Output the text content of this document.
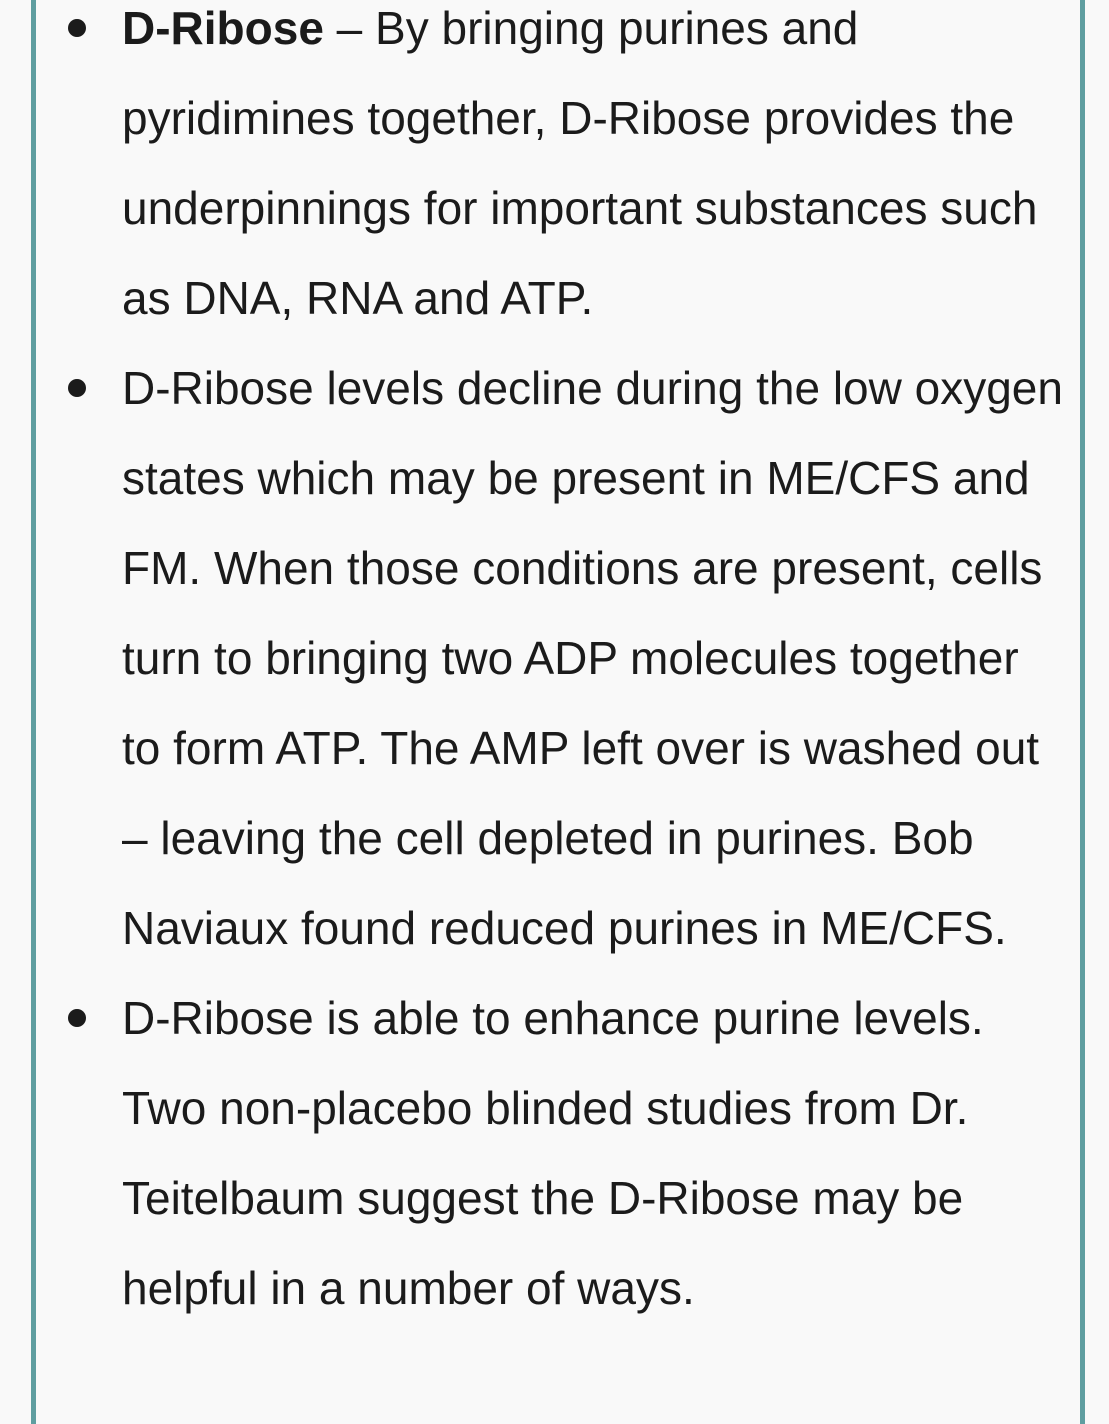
D-Ribose – By bringing purines and pyridimines together, D-Ribose provides the underpinnings for important substances such as DNA, RNA and ATP.
D-Ribose levels decline during the low oxygen states which may be present in ME/CFS and FM. When those conditions are present, cells turn to bringing two ADP molecules together to form ATP. The AMP left over is washed out – leaving the cell depleted in purines. Bob Naviaux found reduced purines in ME/CFS.
D-Ribose is able to enhance purine levels. Two non-placebo blinded studies from Dr. Teitelbaum suggest the D-Ribose may be helpful in a number of ways.
